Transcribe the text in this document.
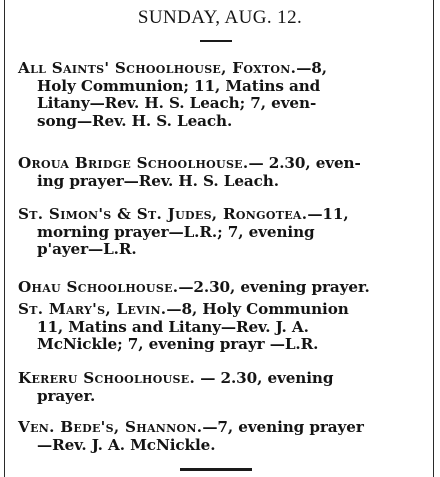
SUNDAY, AUG. 12.
All Saints' Schoolhouse, Foxton.—8,
Holy Communion; 11, Matins and
Litany—Rev. H. S. Leach; 7, even-
song—Rev. H. S. Leach.
Oroua Bridge Schoolhouse.— 2.30, even-
ing prayer—Rev. H. S. Leach.
St. Simon's & St. Judes, Rongotea.—11,
morning prayer—L.R.; 7, evening
p'ayer—L.R.
Ohau Schoolhouse.—2.30, evening prayer.
St. Mary's, Levin.—8, Holy Communion
11, Matins and Litany—Rev. J. A.
McNickle; 7, evening prayr —L.R.
Kereru Schoolhouse. — 2.30, evening
prayer.
Ven. Bede's, Shannon.—7, evening prayer
—Rev. J. A. McNickle.
